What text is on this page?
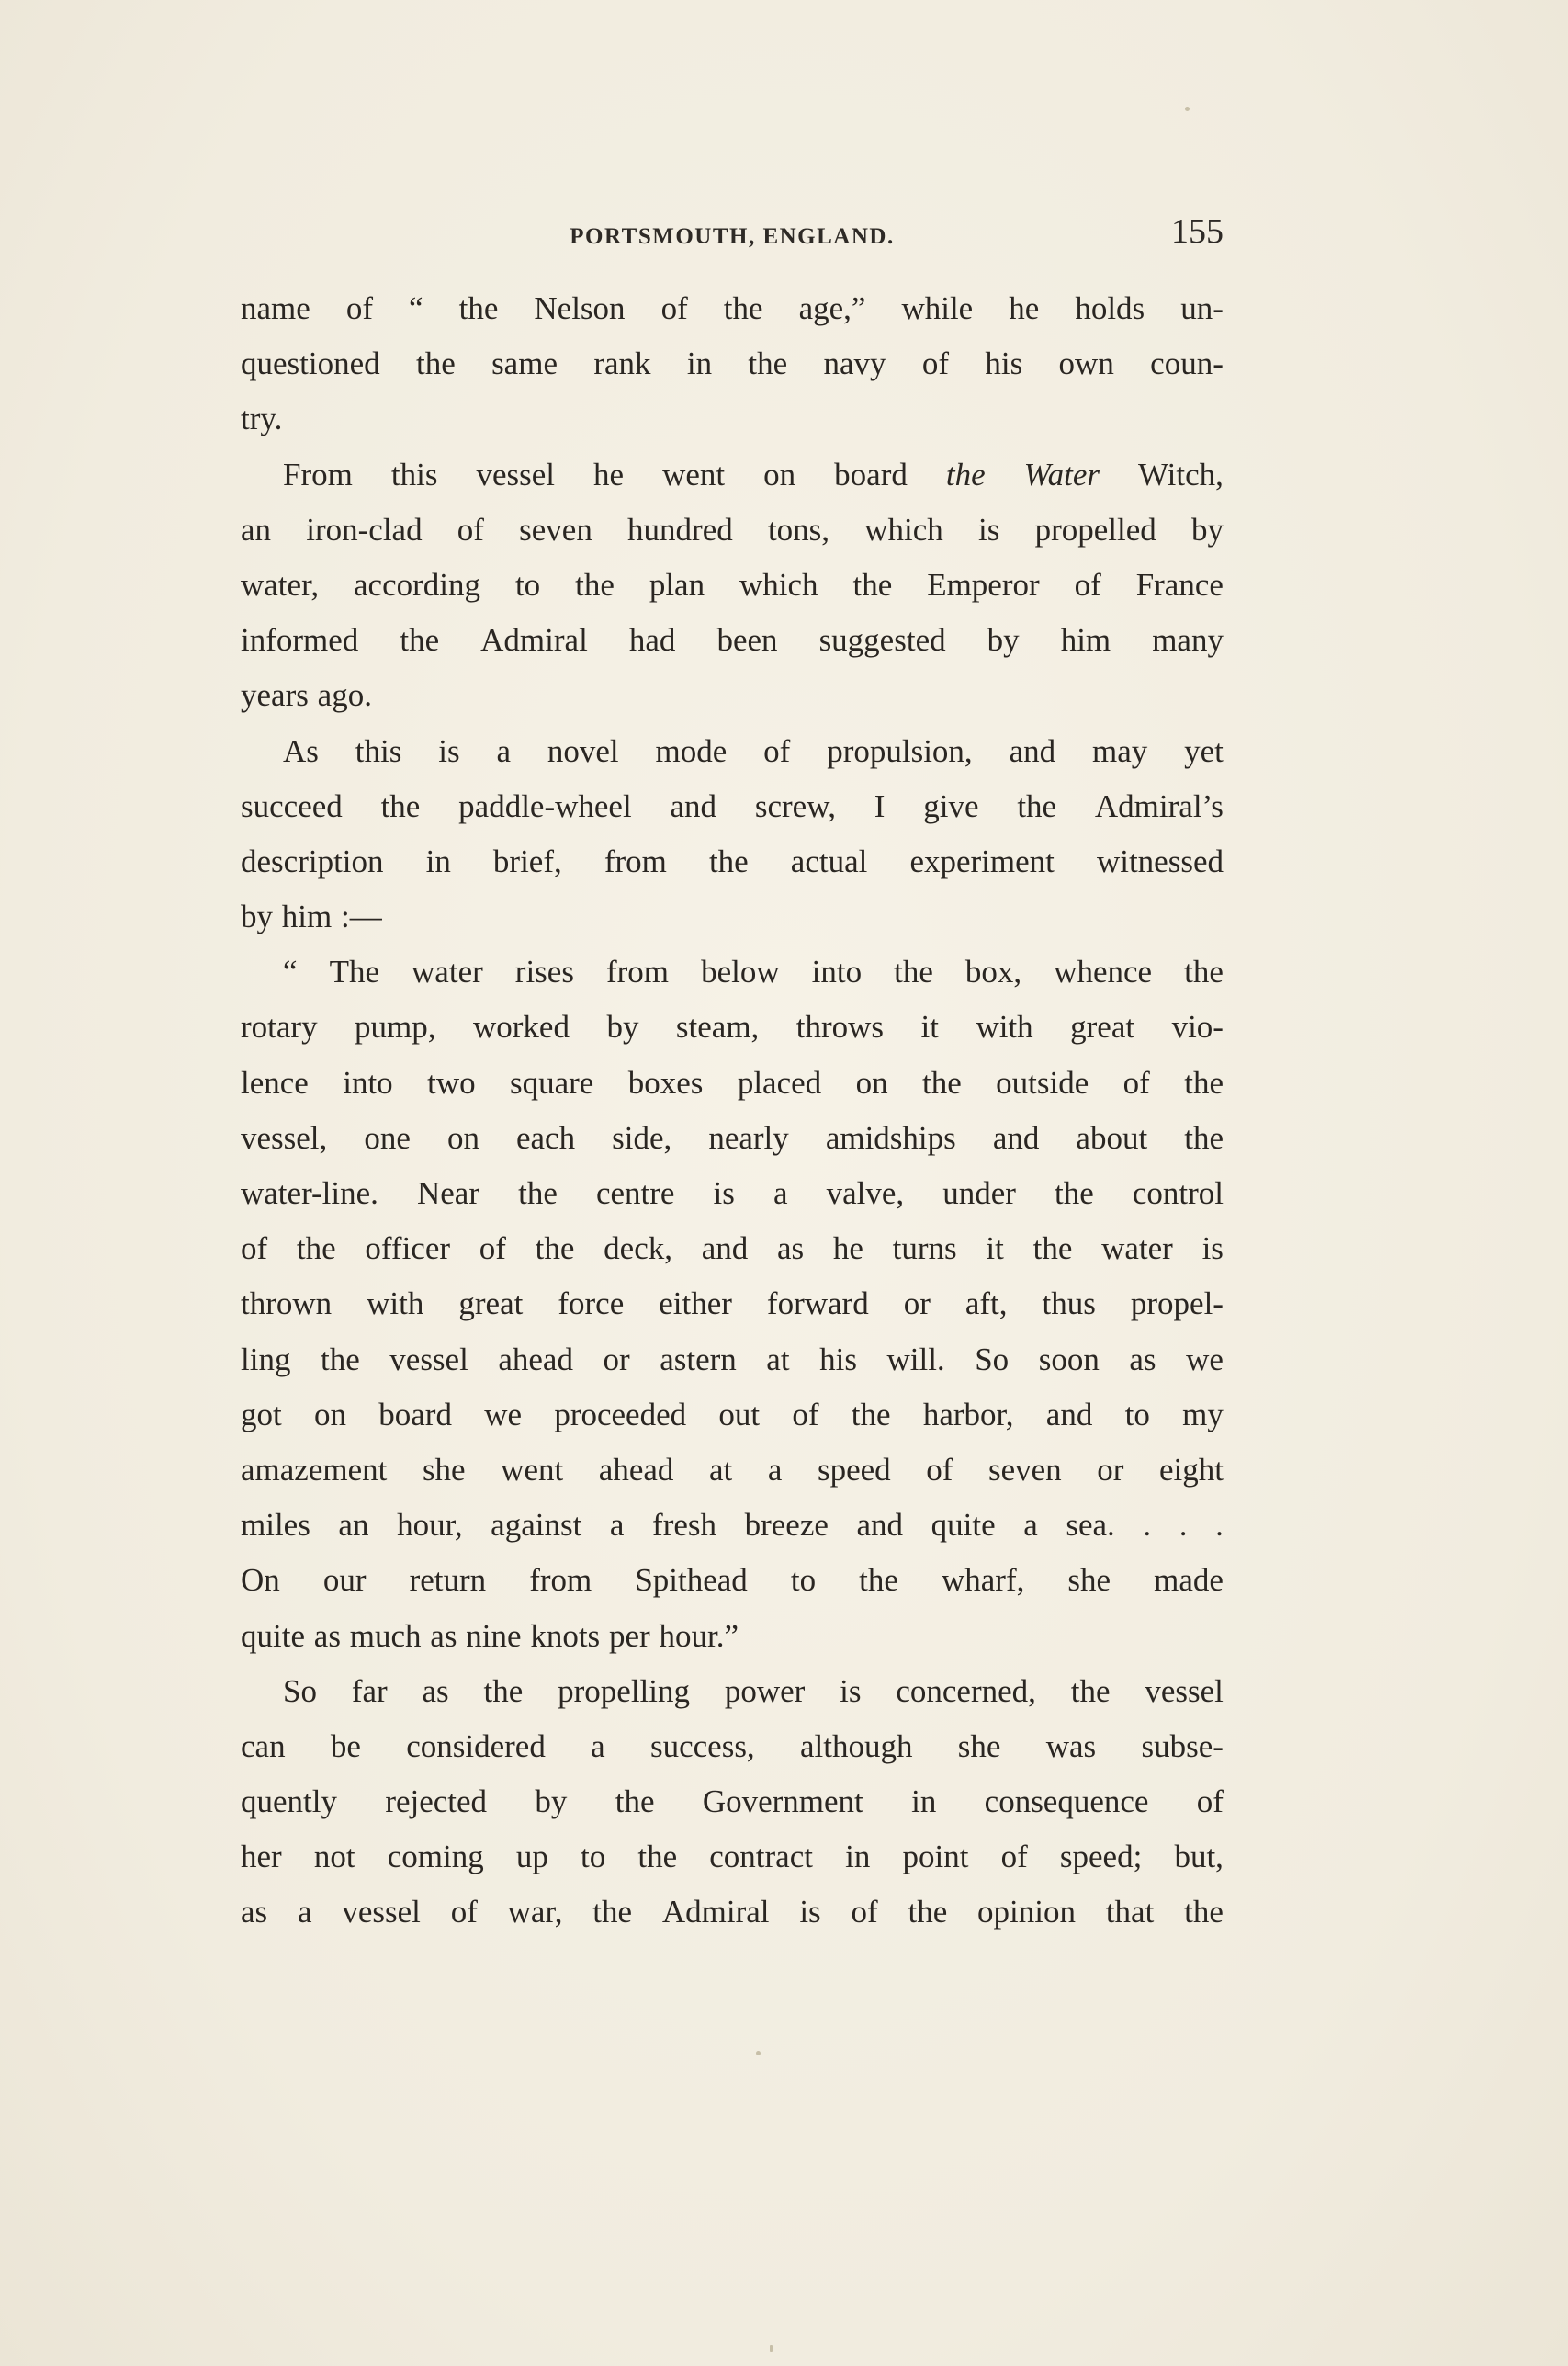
PORTSMOUTH, ENGLAND.	155
name of “ the Nelson of the age,” while he holds un-
questioned the same rank in the navy of his own coun-
try.
From this vessel he went on board the Water Witch,
an iron-clad of seven hundred tons, which is propelled by
water, according to the plan which the Emperor of France
informed the Admiral had been suggested by him many
years ago.
As this is a novel mode of propulsion, and may yet
succeed the paddle-wheel and screw, I give the Admiral’s
description in brief, from the actual experiment witnessed
by him :—
“ The water rises from below into the box, whence the
rotary pump, worked by steam, throws it with great vio-
lence into two square boxes placed on the outside of the
vessel, one on each side, nearly amidships and about the
water-line. Near the centre is a valve, under the control
of the officer of the deck, and as he turns it the water is
thrown with great force either forward or aft, thus propel-
ling the vessel ahead or astern at his will. So soon as we
got on board we proceeded out of the harbor, and to my
amazement she went ahead at a speed of seven or eight
miles an hour, against a fresh breeze and quite a sea. . . .
On our return from Spithead to the wharf, she made
quite as much as nine knots per hour.”
So far as the propelling power is concerned, the vessel
can be considered a success, although she was subse-
quently rejected by the Government in consequence of
her not coming up to the contract in point of speed; but,
as a vessel of war, the Admiral is of the opinion that the
